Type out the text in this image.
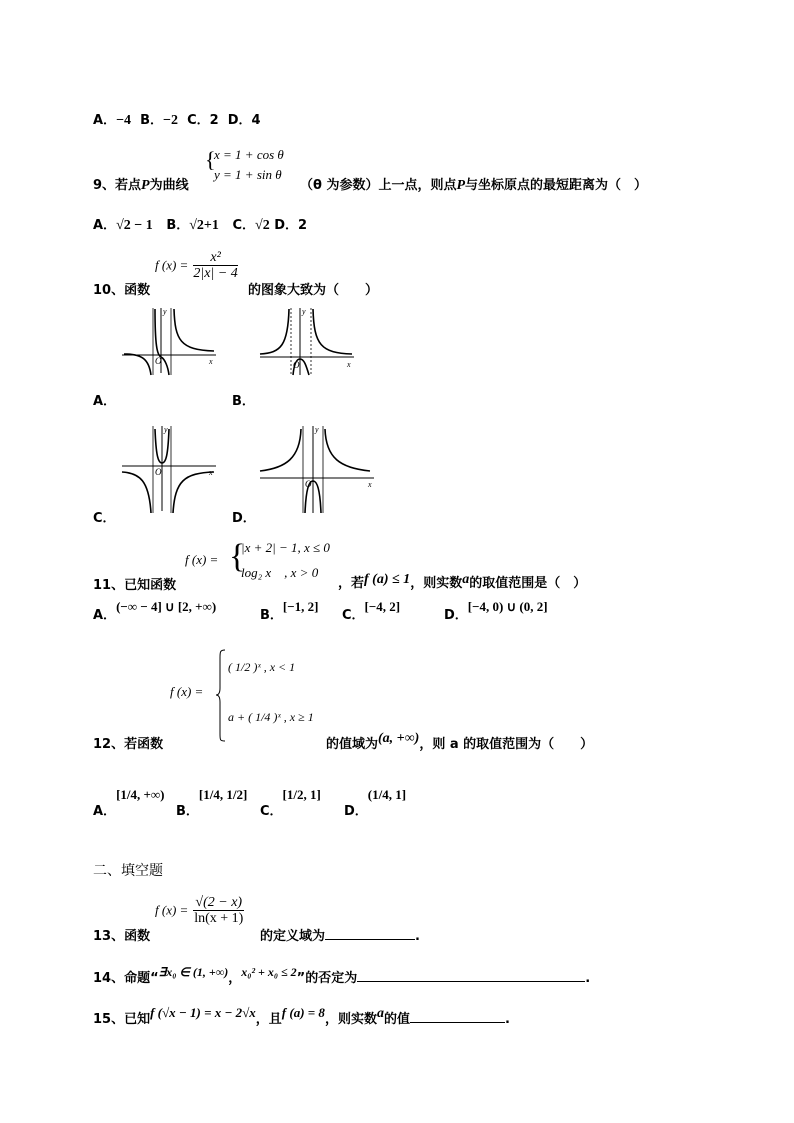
A．−4 B．−2 C．2 D．4
{
x = 1 + cos θ
y = 1 + sin θ
9、若点P为曲线	（θ 为参数）上一点，则点P与坐标原点的最短距离为（　）
A．√2 − 1 B．√2+1 C．√2 D．2
10、函数
f $(x) = \frac{\text{x²}}{2|x| - 4}$
的图象大致为（　　）
y
x
O
A．
y
x
O
B．
y
x
O
C．
y
x
O
D．
f (x) = {
|x + 2| − 1, x ≤ 0
log₂ x　, x > 0
11、已知函数	，若f (a) ≤ 1，则实数a的取值范围是（　）
A．(−∞ − 4] ∪ [2, +∞)
B．[−1, 2]
C．[−4, 2]
D．[−4, 0) ∪ (0, 2]
12、若函数
f (x) =
( 1/2 )ˣ , x < 1
a + ( 1/4 )ˣ , x ≥ 1
的值域为(a, +∞)，则 a 的取值范围为（　　）
A．[1/4, +∞)
B．[1/4, 1/2]
C．[1/2, 1]
D．(1/4, 1]
二、填空题
13、函数
f $(x) = \frac{√(2 - x)}{\ln(x + 1)}$
的定义域为	.
14、命题“∃x₀ ∈ (1, +∞)，x₀² + x₀ ≤ 2”的否定为	.
15、已知f (√x − 1) = x − 2√x，且f (a) = 8，则实数a的值	.
